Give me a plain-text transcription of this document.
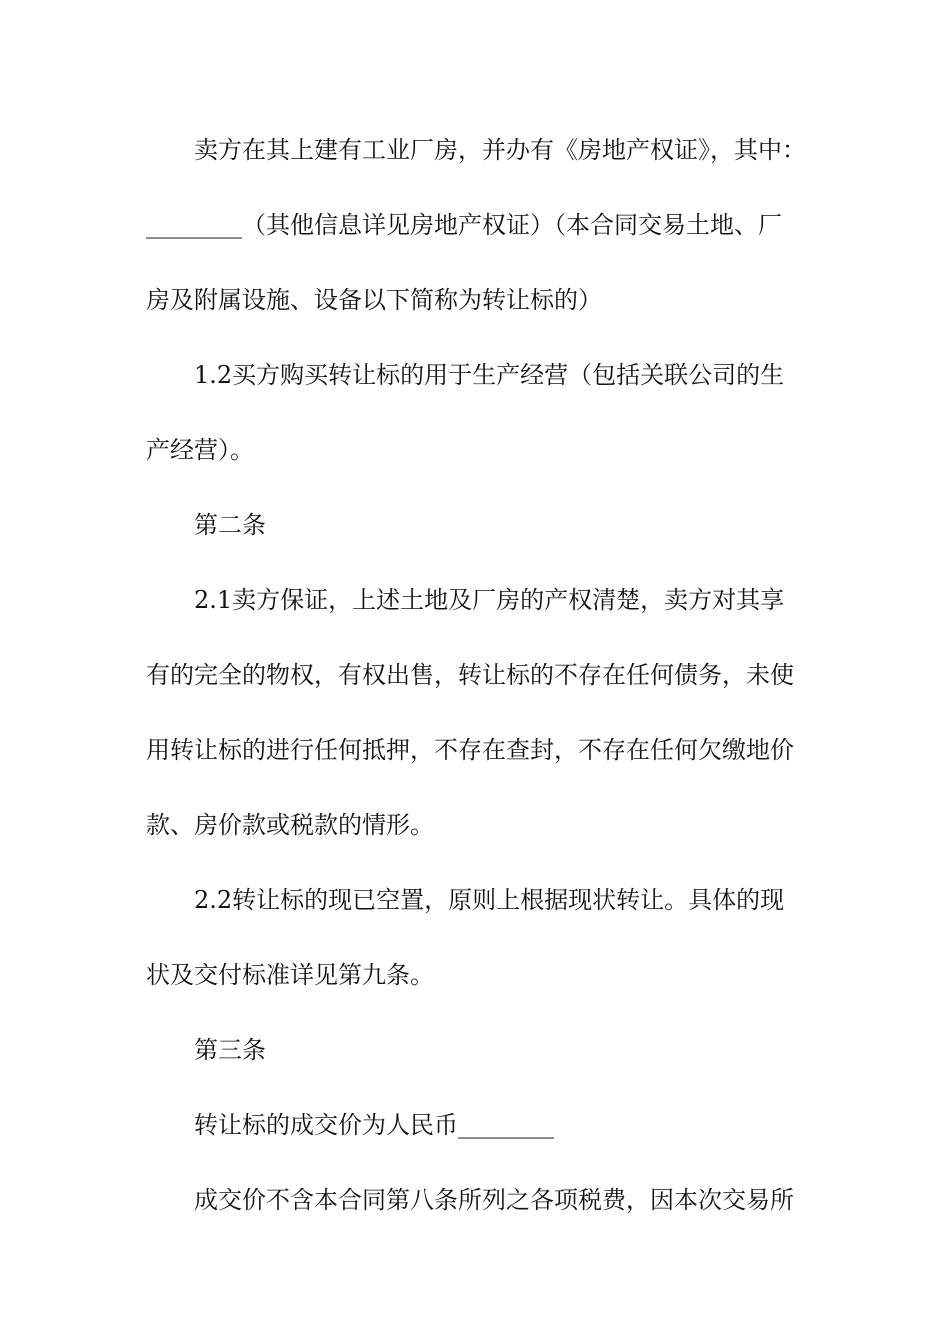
卖方在其上建有工业厂房，并办有《房地产权证》，其中：
________（其他信息详见房地产权证）（本合同交易土地、厂
房及附属设施、设备以下简称为转让标的）
1.2买方购买转让标的用于生产经营（包括关联公司的生
产经营）。
第二条
2.1卖方保证，上述土地及厂房的产权清楚，卖方对其享
有的完全的物权，有权出售，转让标的不存在任何债务，未使
用转让标的进行任何抵押，不存在查封，不存在任何欠缴地价
款、房价款或税款的情形。
2.2转让标的现已空置，原则上根据现状转让。具体的现
状及交付标准详见第九条。
第三条
转让标的成交价为人民币________
成交价不含本合同第八条所列之各项税费，因本次交易所
